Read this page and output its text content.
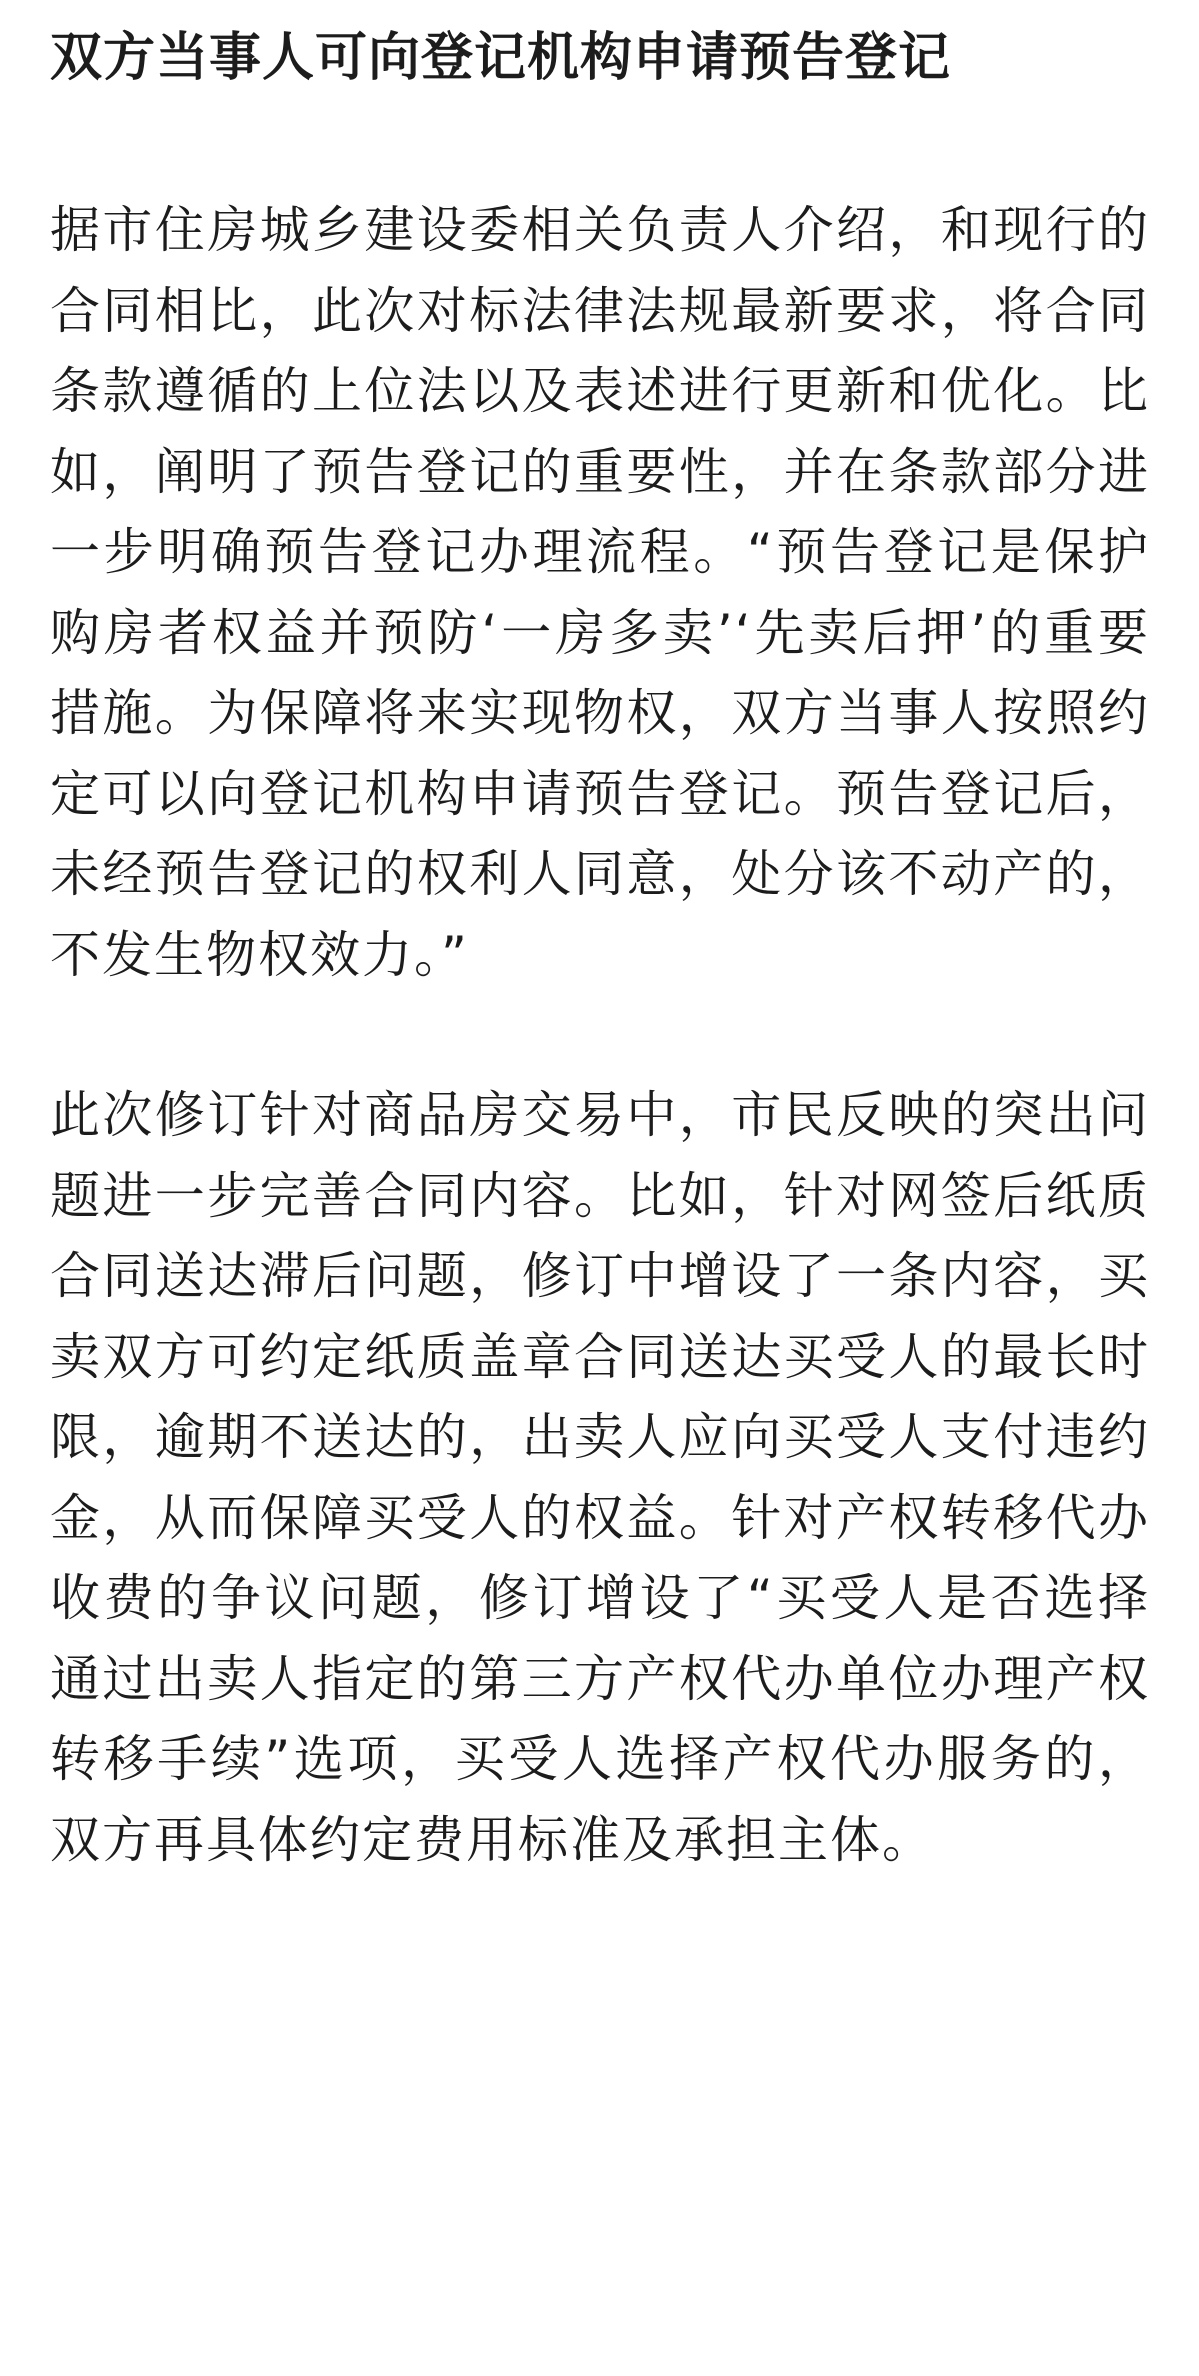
双方当事人可向登记机构申请预告登记

据市住房城乡建设委相关负责人介绍，和现行的合同相比，此次对标法律法规最新要求，将合同条款遵循的上位法以及表述进行更新和优化。比如，阐明了预告登记的重要性，并在条款部分进一步明确预告登记办理流程。“预告登记是保护购房者权益并预防‘一房多卖’‘先卖后押’的重要措施。为保障将来实现物权，双方当事人按照约定可以向登记机构申请预告登记。预告登记后，未经预告登记的权利人同意，处分该不动产的，不发生物权效力。”

此次修订针对商品房交易中，市民反映的突出问题进一步完善合同内容。比如，针对网签后纸质合同送达滞后问题，修订中增设了一条内容，买卖双方可约定纸质盖章合同送达买受人的最长时限，逾期不送达的，出卖人应向买受人支付违约金，从而保障买受人的权益。针对产权转移代办收费的争议问题，修订增设了“买受人是否选择通过出卖人指定的第三方产权代办单位办理产权转移手续”选项，买受人选择产权代办服务的，双方再具体约定费用标准及承担主体。
